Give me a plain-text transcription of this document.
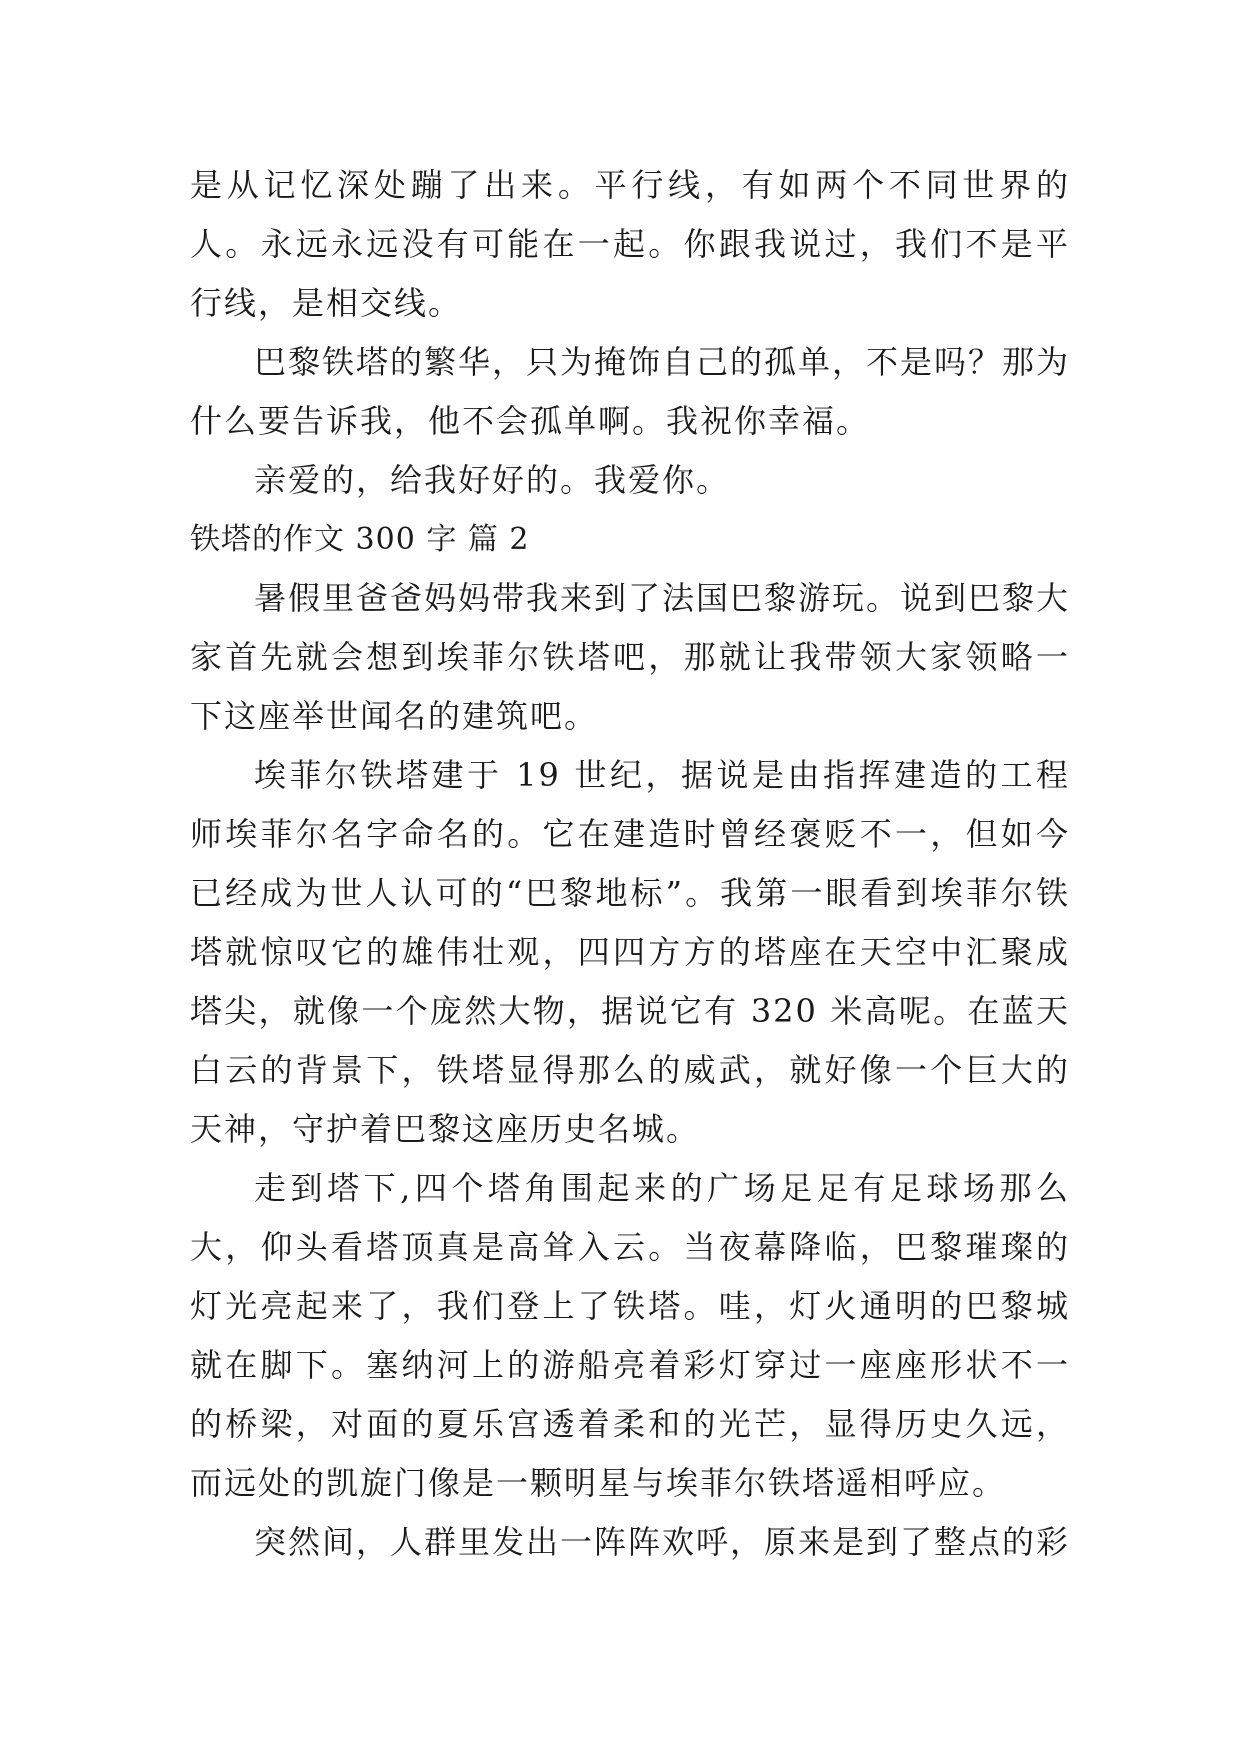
是从记忆深处蹦了出来。平行线，有如两个不同世界的人。永远永远没有可能在一起。你跟我说过，我们不是平行线，是相交线。

巴黎铁塔的繁华，只为掩饰自己的孤单，不是吗？那为什么要告诉我，他不会孤单啊。我祝你幸福。

亲爱的，给我好好的。我爱你。

铁塔的作文 300 字 篇 2

暑假里爸爸妈妈带我来到了法国巴黎游玩。说到巴黎大家首先就会想到埃菲尔铁塔吧，那就让我带领大家领略一下这座举世闻名的建筑吧。

埃菲尔铁塔建于 19 世纪，据说是由指挥建造的工程师埃菲尔名字命名的。它在建造时曾经褒贬不一，但如今已经成为世人认可的“巴黎地标”。我第一眼看到埃菲尔铁塔就惊叹它的雄伟壮观，四四方方的塔座在天空中汇聚成塔尖，就像一个庞然大物，据说它有 320 米高呢。在蓝天白云的背景下，铁塔显得那么的威武，就好像一个巨大的天神，守护着巴黎这座历史名城。

走到塔下,四个塔角围起来的广场足足有足球场那么大，仰头看塔顶真是高耸入云。当夜幕降临，巴黎璀璨的灯光亮起来了，我们登上了铁塔。哇，灯火通明的巴黎城就在脚下。塞纳河上的游船亮着彩灯穿过一座座形状不一的桥梁，对面的夏乐宫透着柔和的光芒，显得历史久远，而远处的凯旋门像是一颗明星与埃菲尔铁塔遥相呼应。

突然间，人群里发出一阵阵欢呼，原来是到了整点的彩
